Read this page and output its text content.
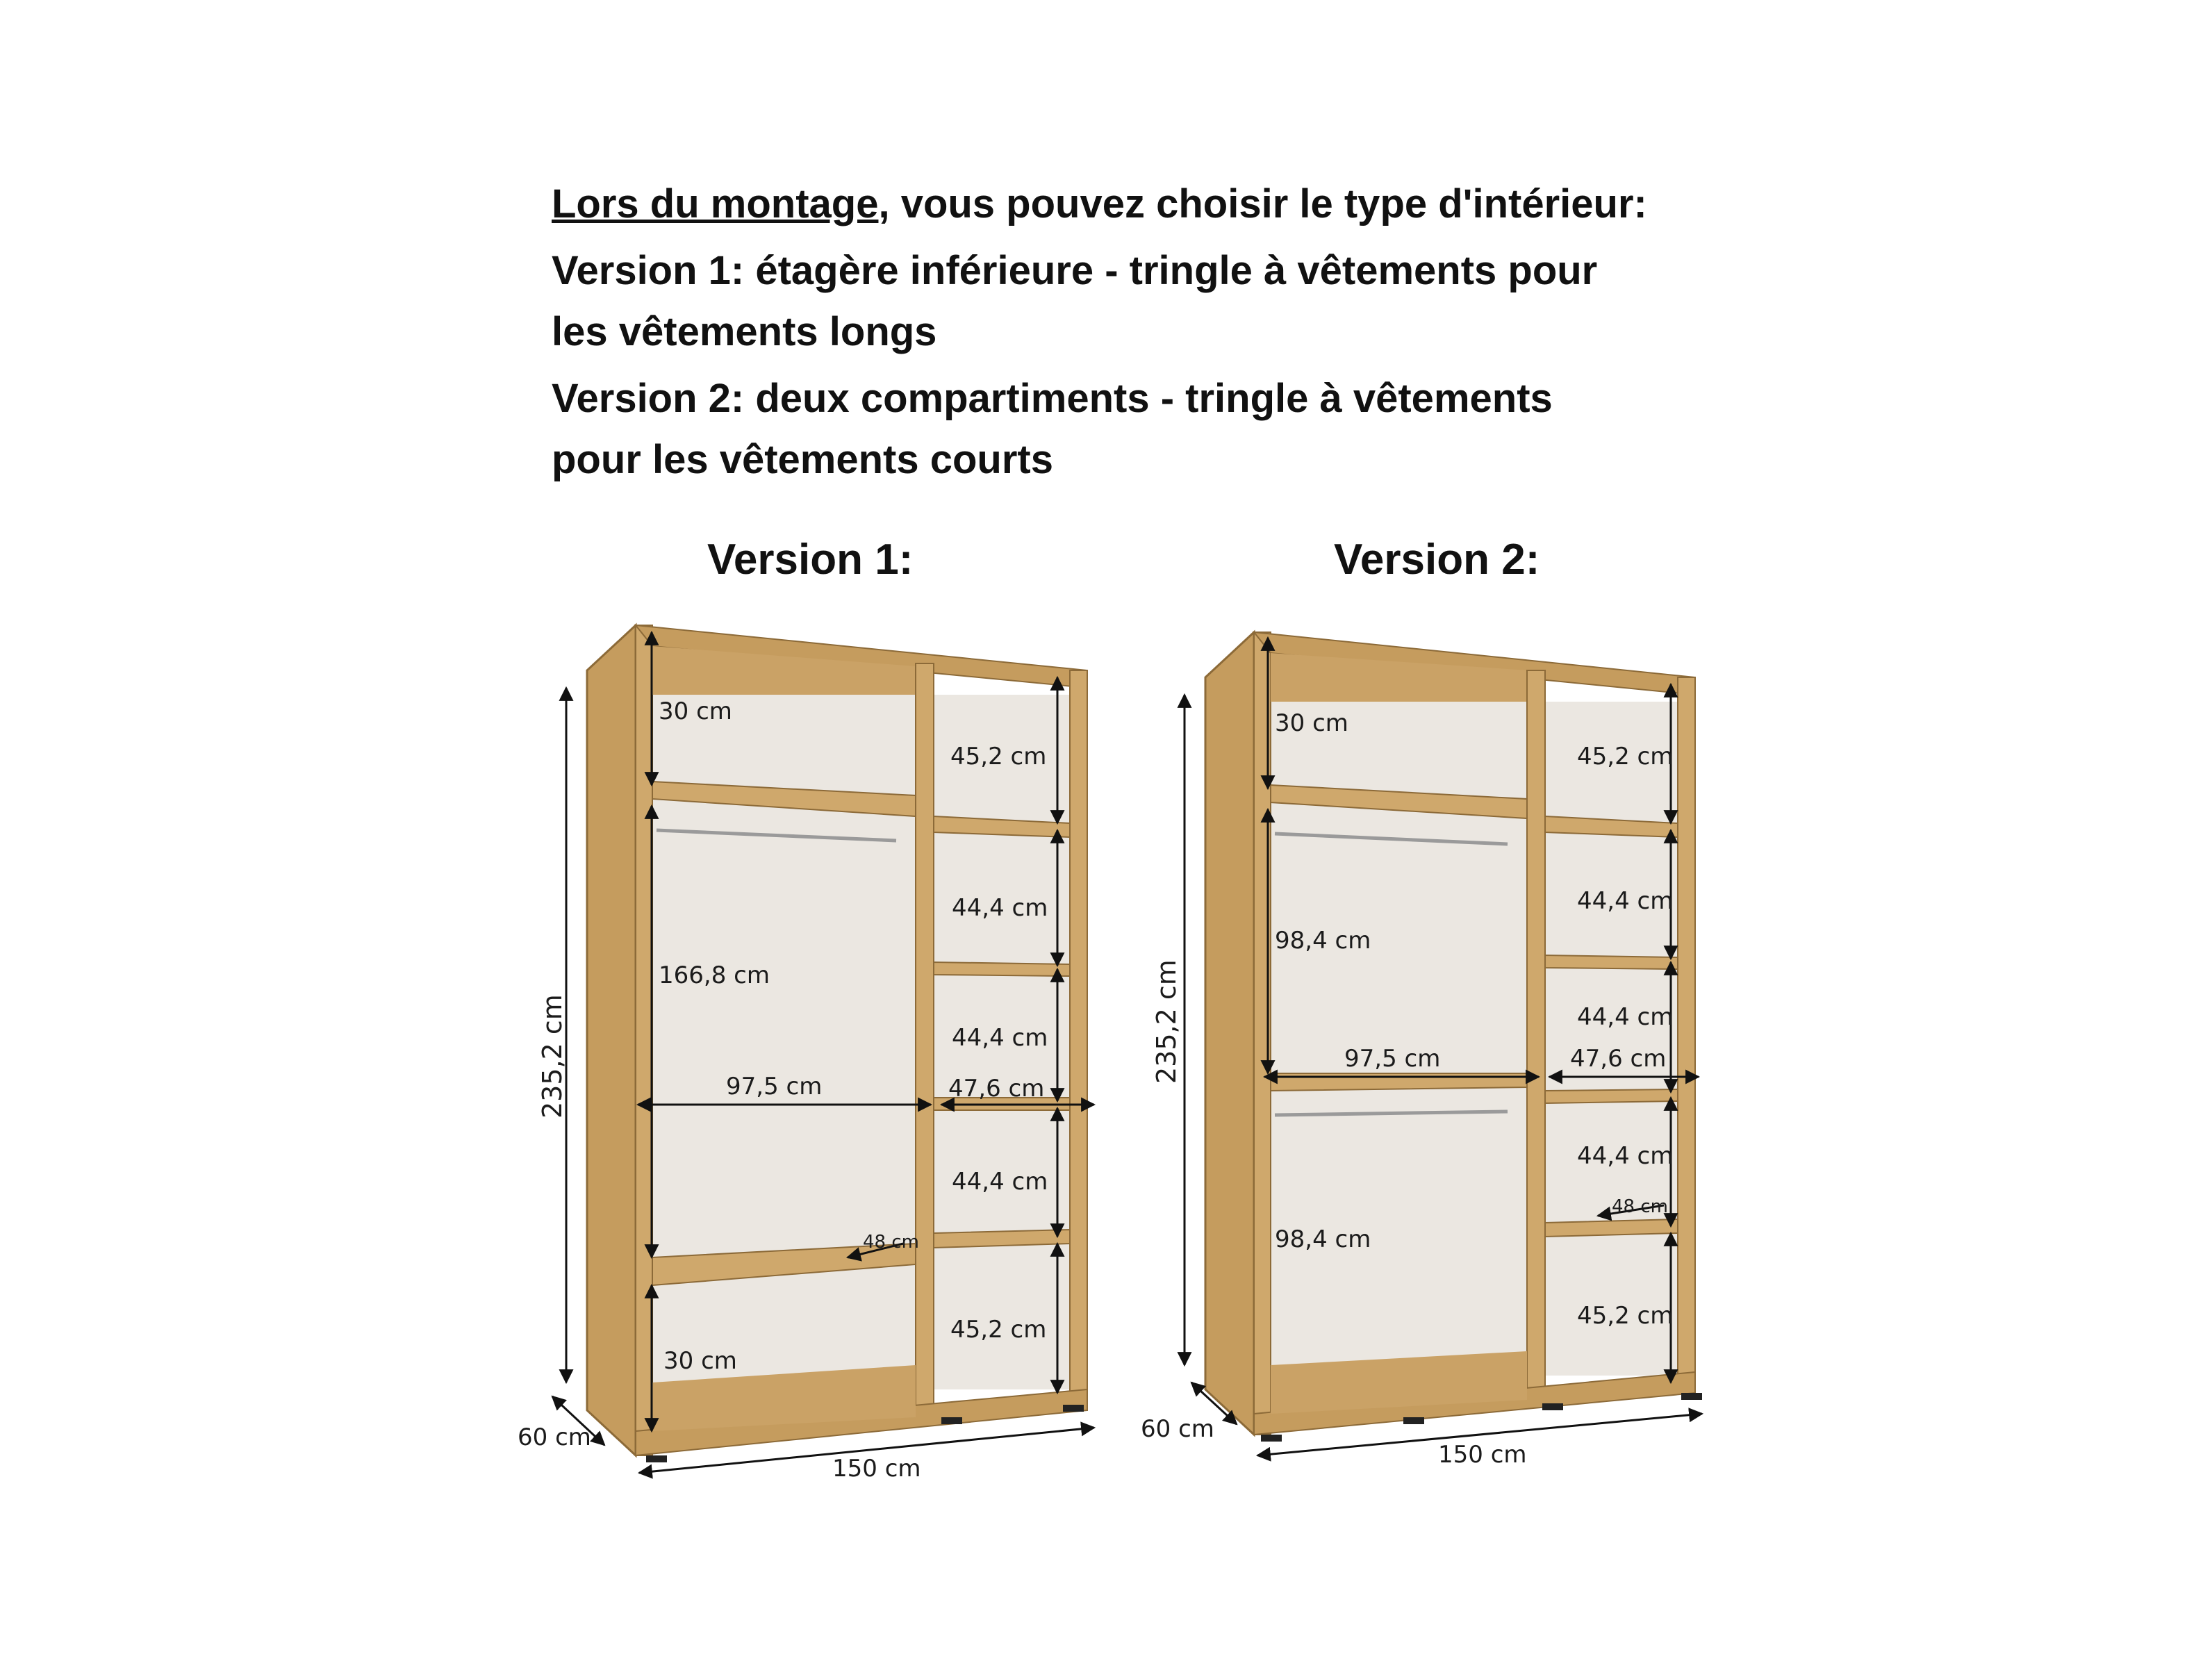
Lors du montage, vous pouvez choisir le type d'intérieur:

Version 1: étagère inférieure - tringle à vêtements pour
les vêtements longs

Version 2: deux compartiments - tringle à vêtements
pour les vêtements courts

Version 1:	Version 2:
235,2 cm
60 cm
150 cm
30 cm
166,8 cm
97,5 cm
30 cm
48 cm
47,6 cm
45,2 cm
44,4 cm
44,4 cm
44,4 cm
45,2 cm
235,2 cm
60 cm
150 cm
30 cm
98,4 cm
97,5 cm
98,4 cm
48 cm
47,6 cm
45,2 cm
44,4 cm
44,4 cm
44,4 cm
45,2 cm
